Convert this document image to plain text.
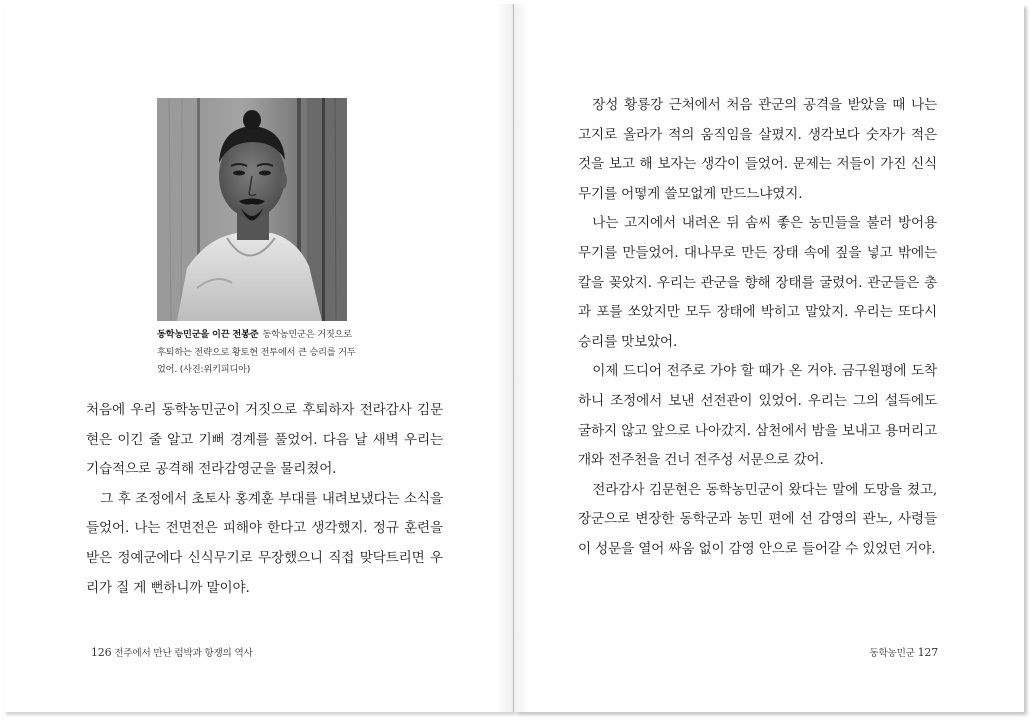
동학농민군을 이끈 전봉준 동학농민군은 거짓으로 후퇴하는 전략으로 황토현 전투에서 큰 승리를 거두었어. (사진:위키피디아)

처음에 우리 동학농민군이 거짓으로 후퇴하자 전라감사 김문현은 이긴 줄 알고 기뻐 경계를 풀었어. 다음 날 새벽 우리는 기습적으로 공격해 전라감영군을 물리쳤어.

그 후 조정에서 초토사 홍계훈 부대를 내려보냈다는 소식을 들었어. 나는 전면전은 피해야 한다고 생각했지. 정규 훈련을 받은 정예군에다 신식무기로 무장했으니 직접 맞닥트리면 우리가 질 게 뻔하니까 말이야.

장성 황룡강 근처에서 처음 관군의 공격을 받았을 때 나는 고지로 올라가 적의 움직임을 살폈지. 생각보다 숫자가 적은 것을 보고 해 보자는 생각이 들었어. 문제는 저들이 가진 신식무기를 어떻게 쓸모없게 만드느냐였지.

나는 고지에서 내려온 뒤 솜씨 좋은 농민들을 불러 방어용 무기를 만들었어. 대나무로 만든 장태 속에 짚을 넣고 밖에는 칼을 꽂았지. 우리는 관군을 향해 장태를 굴렸어. 관군들은 총과 포를 쏘았지만 모두 장태에 박히고 말았지. 우리는 또다시 승리를 맛보았어.

이제 드디어 전주로 가야 할 때가 온 거야. 금구원평에 도착하니 조정에서 보낸 선전관이 있었어. 우리는 그의 설득에도 굴하지 않고 앞으로 나아갔지. 삼천에서 밤을 보내고 용머리고개와 전주천을 건너 전주성 서문으로 갔어.

전라감사 김문현은 동학농민군이 왔다는 말에 도망을 쳤고, 장군으로 변장한 동학군과 농민 편에 선 감영의 관노, 사령들이 성문을 열어 싸움 없이 감영 안으로 들어갈 수 있었던 거야.

126 전주에서 만난 럼박과 항쟁의 역사	동학농민군 127
